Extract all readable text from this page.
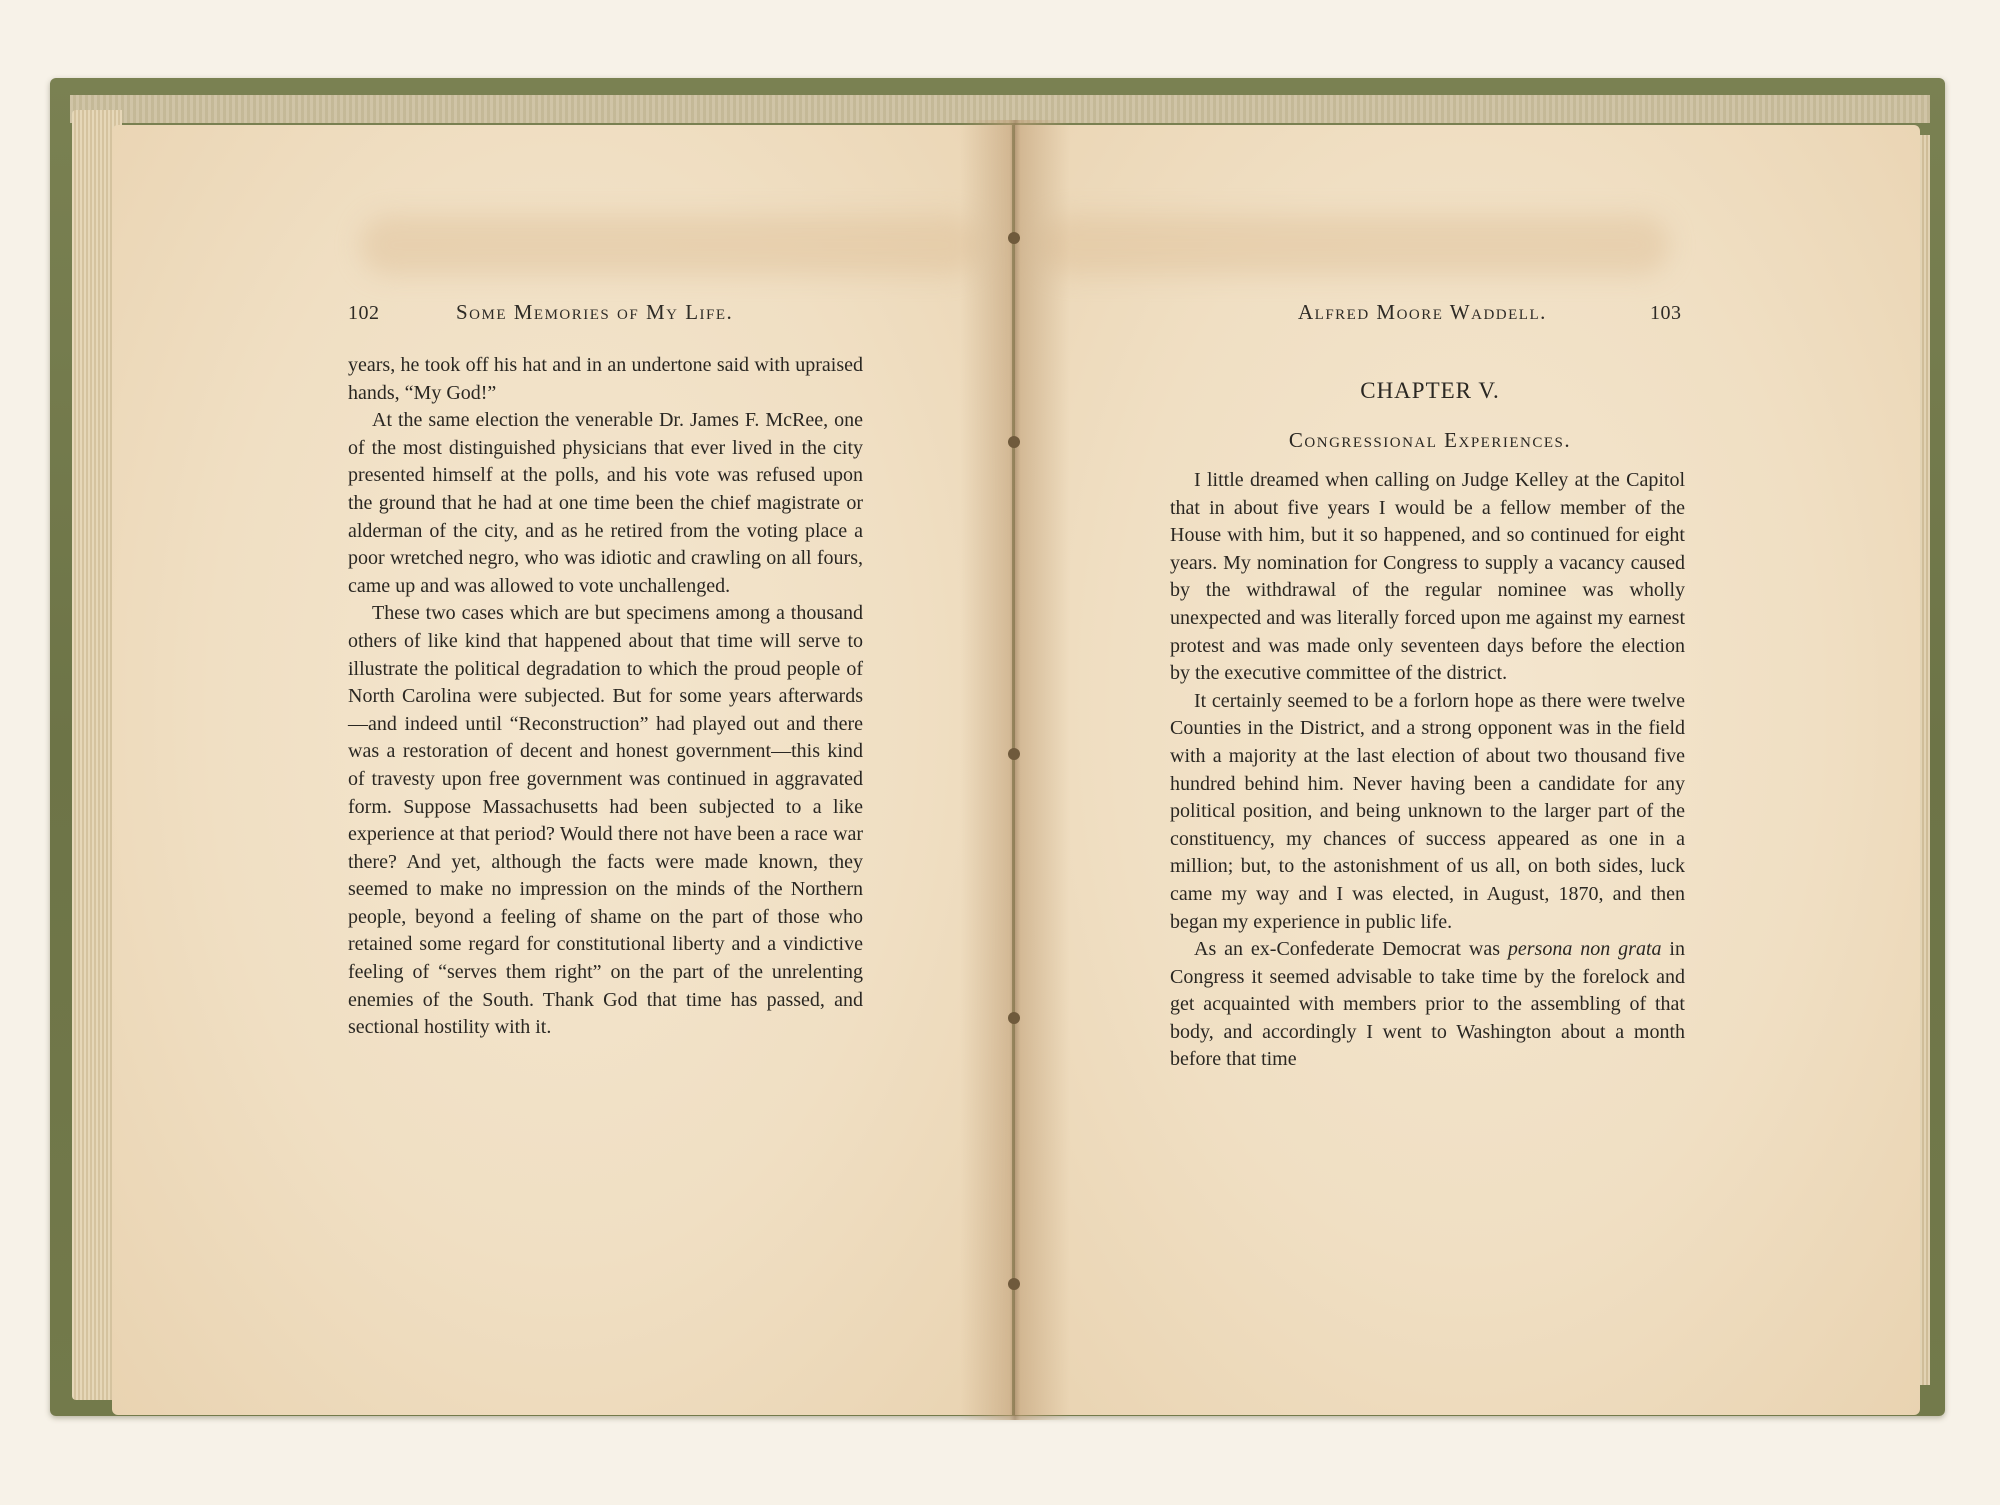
102	Some Memories of My Life.

years, he took off his hat and in an undertone said with upraised hands, “My God!”

At the same election the venerable Dr. James F. McRee, one of the most distinguished physicians that ever lived in the city presented himself at the polls, and his vote was refused upon the ground that he had at one time been the chief magistrate or alderman of the city, and as he retired from the voting place a poor wretched negro, who was idiotic and crawling on all fours, came up and was allowed to vote unchallenged.

These two cases which are but specimens among a thousand others of like kind that happened about that time will serve to illustrate the political degradation to which the proud people of North Carolina were subjected. But for some years afterwards—and indeed until “Reconstruction” had played out and there was a restoration of decent and honest government—this kind of travesty upon free government was continued in aggravated form. Suppose Massachusetts had been subjected to a like experience at that period? Would there not have been a race war there? And yet, although the facts were made known, they seemed to make no impression on the minds of the Northern people, beyond a feeling of shame on the part of those who retained some regard for constitutional liberty and a vindictive feeling of “serves them right” on the part of the unrelenting enemies of the South. Thank God that time has passed, and sectional hostility with it.

Alfred Moore Waddell.	103
CHAPTER V.
Congressional Experiences.

I little dreamed when calling on Judge Kelley at the Capitol that in about five years I would be a fellow member of the House with him, but it so happened, and so continued for eight years. My nomination for Congress to supply a vacancy caused by the withdrawal of the regular nominee was wholly unexpected and was literally forced upon me against my earnest protest and was made only seventeen days before the election by the executive committee of the district.

It certainly seemed to be a forlorn hope as there were twelve Counties in the District, and a strong opponent was in the field with a majority at the last election of about two thousand five hundred behind him. Never having been a candidate for any political position, and being unknown to the larger part of the constituency, my chances of success appeared as one in a million; but, to the astonishment of us all, on both sides, luck came my way and I was elected, in August, 1870, and then began my experience in public life.

As an ex-Confederate Democrat was persona non grata in Congress it seemed advisable to take time by the forelock and get acquainted with members prior to the assembling of that body, and accordingly I went to Washington about a month before that time
